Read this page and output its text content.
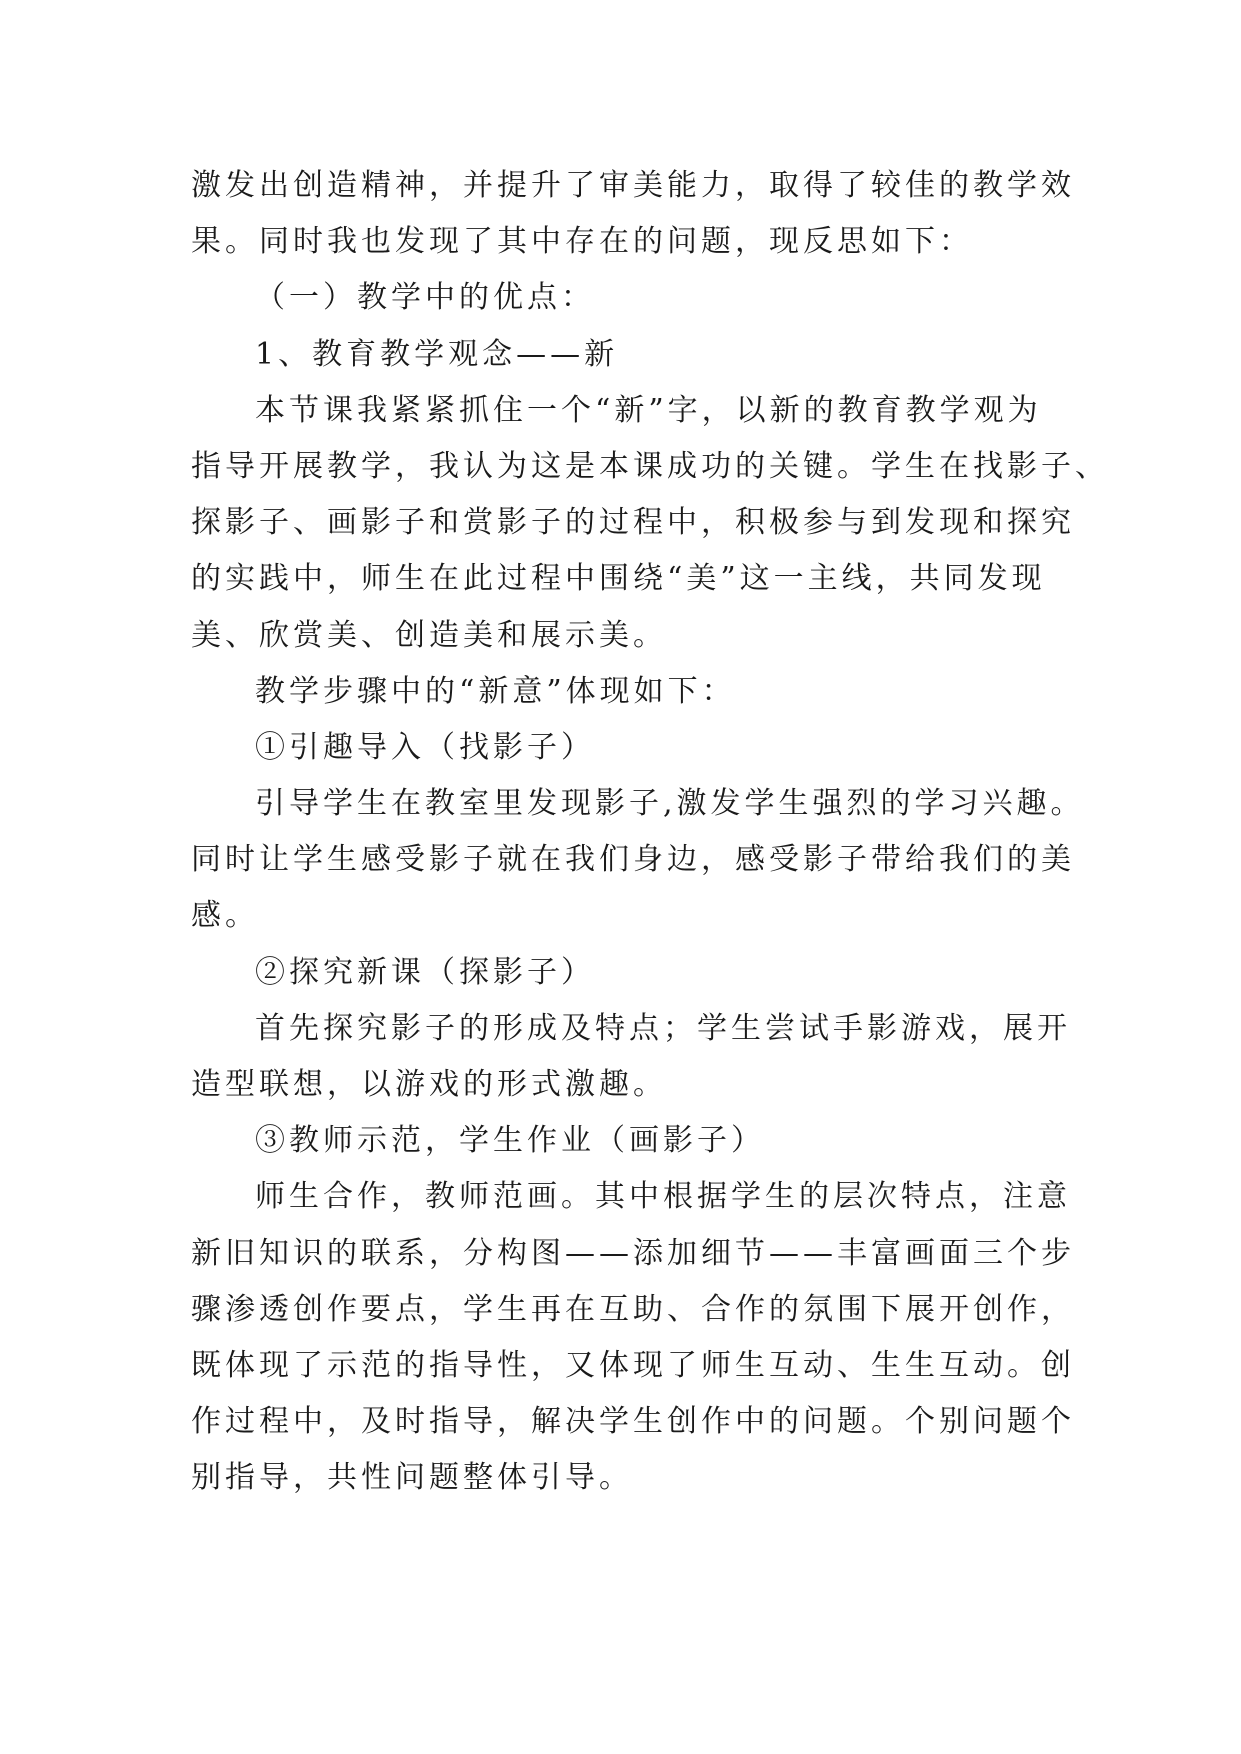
激发出创造精神，并提升了审美能力，取得了较佳的教学效
果。同时我也发现了其中存在的问题，现反思如下：
（一）教学中的优点：
1、教育教学观念——新
本节课我紧紧抓住一个“新”字，以新的教育教学观为
指导开展教学，我认为这是本课成功的关键。学生在找影子、
探影子、画影子和赏影子的过程中，积极参与到发现和探究
的实践中，师生在此过程中围绕“美”这一主线，共同发现
美、欣赏美、创造美和展示美。
教学步骤中的“新意”体现如下：
①引趣导入（找影子）
引导学生在教室里发现影子,激发学生强烈的学习兴趣。
同时让学生感受影子就在我们身边，感受影子带给我们的美
感。
②探究新课（探影子）
首先探究影子的形成及特点；学生尝试手影游戏，展开
造型联想，以游戏的形式激趣。
③教师示范，学生作业（画影子）
师生合作，教师范画。其中根据学生的层次特点，注意
新旧知识的联系，分构图——添加细节——丰富画面三个步
骤渗透创作要点，学生再在互助、合作的氛围下展开创作，
既体现了示范的指导性，又体现了师生互动、生生互动。创
作过程中，及时指导，解决学生创作中的问题。个别问题个
别指导，共性问题整体引导。
